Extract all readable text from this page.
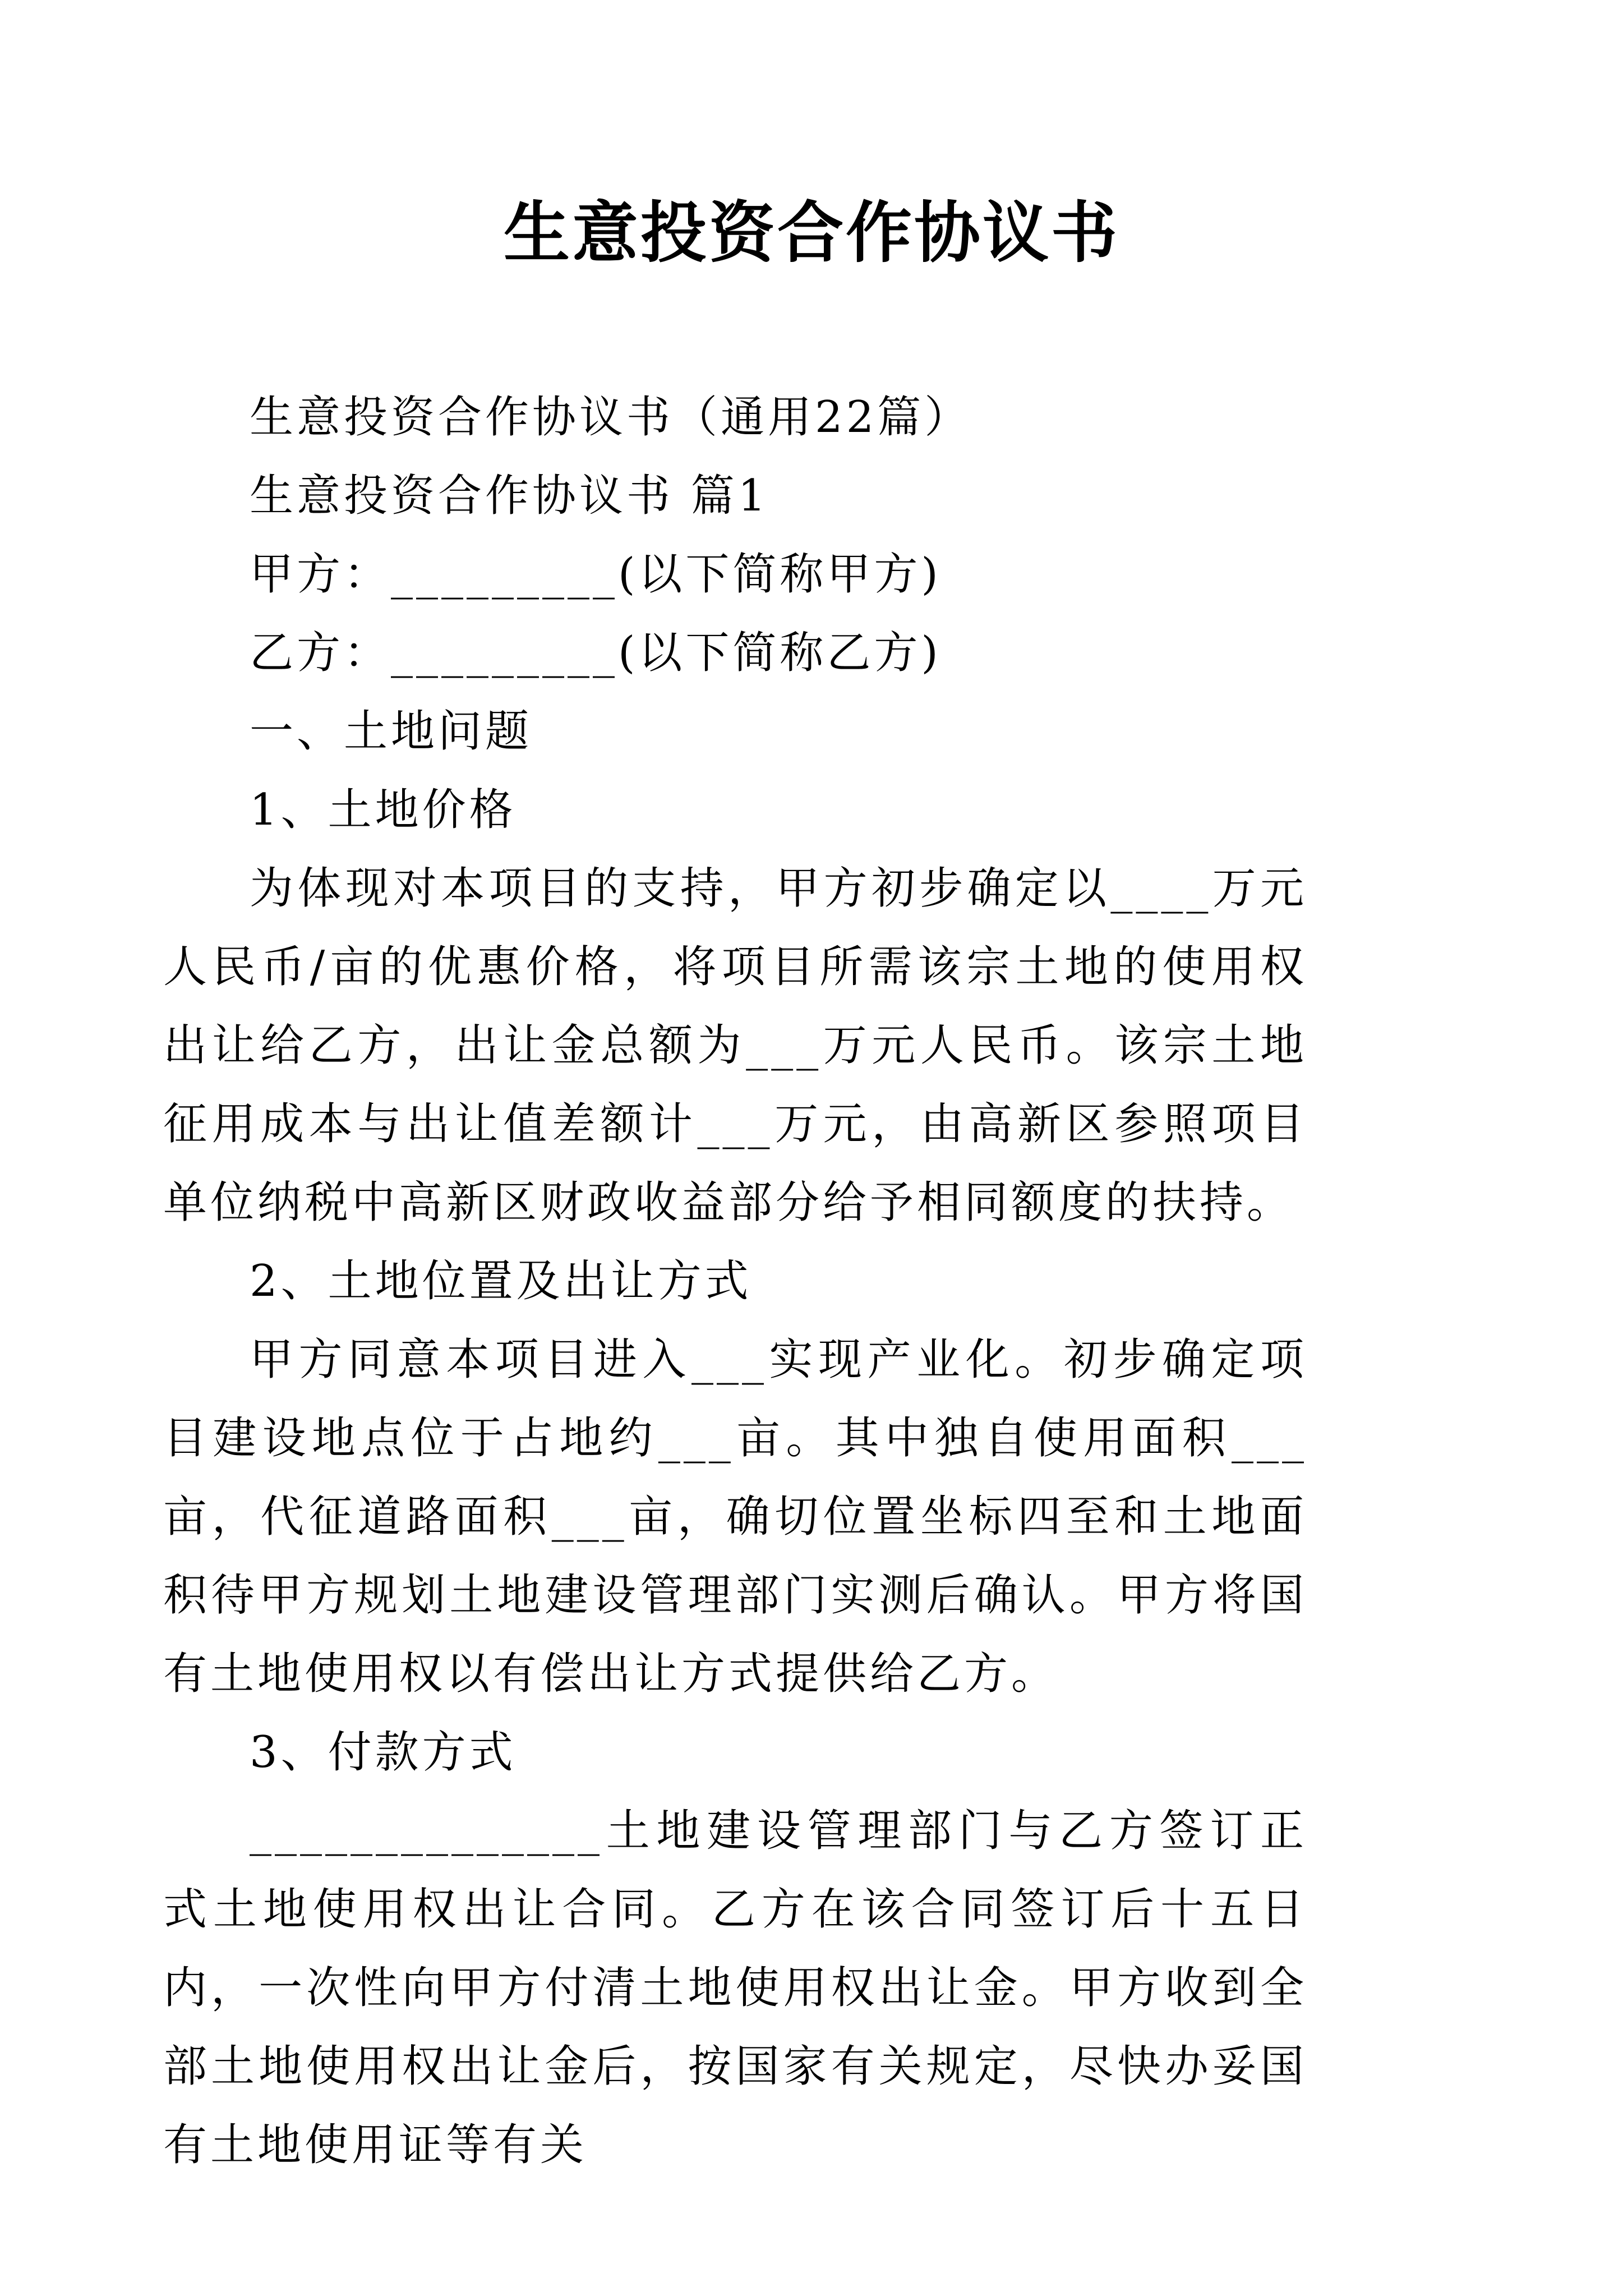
生意投资合作协议书

生意投资合作协议书（通用22篇）

生意投资合作协议书 篇1

甲方：_________(以下简称甲方)

乙方：_________(以下简称乙方)

一、土地问题

1、土地价格

为体现对本项目的支持，甲方初步确定以____万元人民币/亩的优惠价格，将项目所需该宗土地的使用权出让给乙方，出让金总额为___万元人民币。该宗土地征用成本与出让值差额计___万元，由高新区参照项目单位纳税中高新区财政收益部分给予相同额度的扶持。

2、土地位置及出让方式

甲方同意本项目进入___实现产业化。初步确定项目建设地点位于占地约___亩。其中独自使用面积___亩，代征道路面积___亩，确切位置坐标四至和土地面积待甲方规划土地建设管理部门实测后确认。甲方将国有土地使用权以有偿出让方式提供给乙方。

3、付款方式

______________土地建设管理部门与乙方签订正式土地使用权出让合同。乙方在该合同签订后十五日内，一次性向甲方付清土地使用权出让金。甲方收到全部土地使用权出让金后，按国家有关规定，尽快办妥国有土地使用证等有关
